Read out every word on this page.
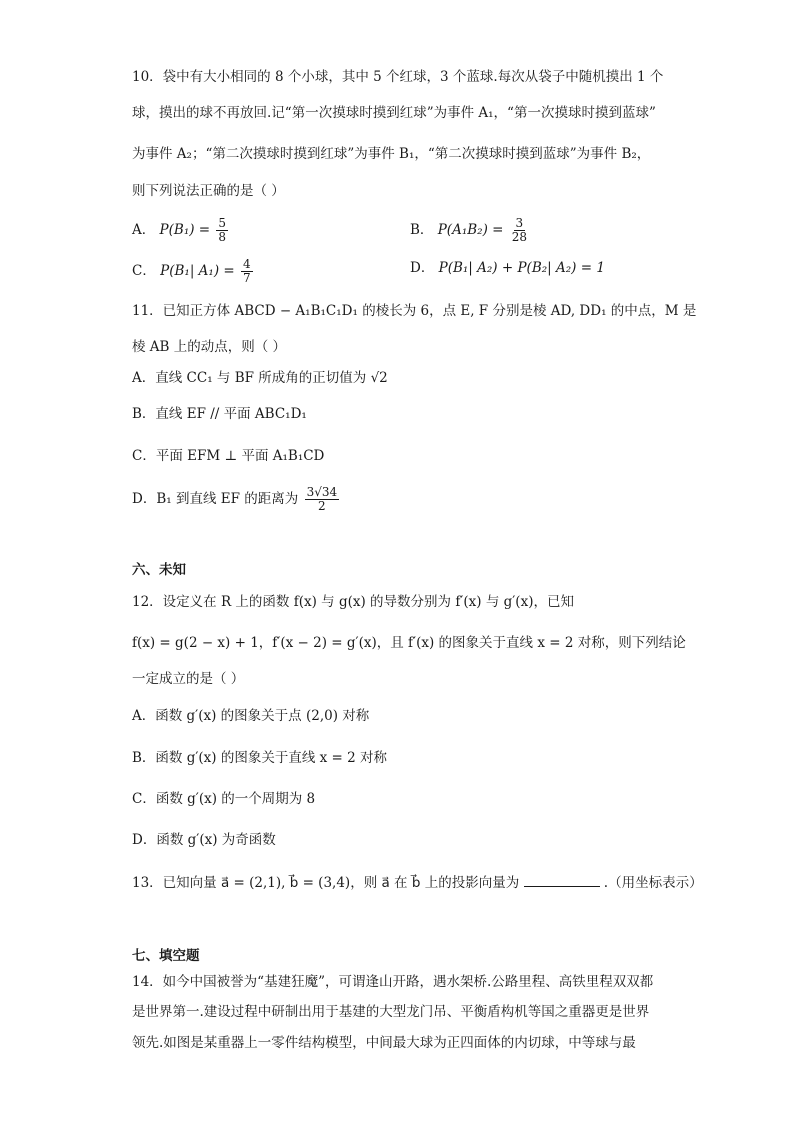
10．袋中有大小相同的 8 个小球，其中 5 个红球，3 个蓝球.每次从袋子中随机摸出 1 个
球，摸出的球不再放回.记“第一次摸球时摸到红球”为事件 A₁，“第一次摸球时摸到蓝球”
为事件 A₂；“第二次摸球时摸到红球”为事件 B₁，“第二次摸球时摸到蓝球”为事件 B₂，
则下列说法正确的是（ ）
A． $P(B_1) = \frac{5}{8}$	B． $P(A_1B_2) = \frac{3}{28}$
C． P(B₁| $A_1) = \frac{4}{7}$	D． P(B₁| A₂) + P(B₂| A₂) = 1
11．已知正方体 ABCD − A₁B₁C₁D₁ 的棱长为 6，点 E, F 分别是棱 AD, DD₁ 的中点，M 是
棱 AB 上的动点，则（ ）
A．直线 CC₁ 与 BF 所成角的正切值为 √2
B．直线 EF // 平面 ABC₁D₁
C．平面 EFM ⊥ 平面 A₁B₁CD
D．B₁ 到直线 EF 的距离为 $\frac{3√34}{2}$
六、未知
12．设定义在 R 上的函数 f(x) 与 g(x) 的导数分别为 f′(x) 与 g′(x)，已知
f(x) = g(2 − x) + 1，f′(x − 2) = g′(x)，且 f′(x) 的图象关于直线 x = 2 对称，则下列结论
一定成立的是（ ）
A．函数 g′(x) 的图象关于点 (2,0) 对称
B．函数 g′(x) 的图象关于直线 x = 2 对称
C．函数 g′(x) 的一个周期为 8
D．函数 g′(x) 为奇函数
13．已知向量 a⃗ = (2,1), b⃗ = (3,4)，则 a⃗ 在 b⃗ 上的投影向量为	.（用坐标表示）
七、填空题
14．如今中国被誉为“基建狂魔”，可谓逢山开路，遇水架桥.公路里程、高铁里程双双都
是世界第一.建设过程中研制出用于基建的大型龙门吊、平衡盾构机等国之重器更是世界
领先.如图是某重器上一零件结构模型，中间最大球为正四面体的内切球，中等球与最
